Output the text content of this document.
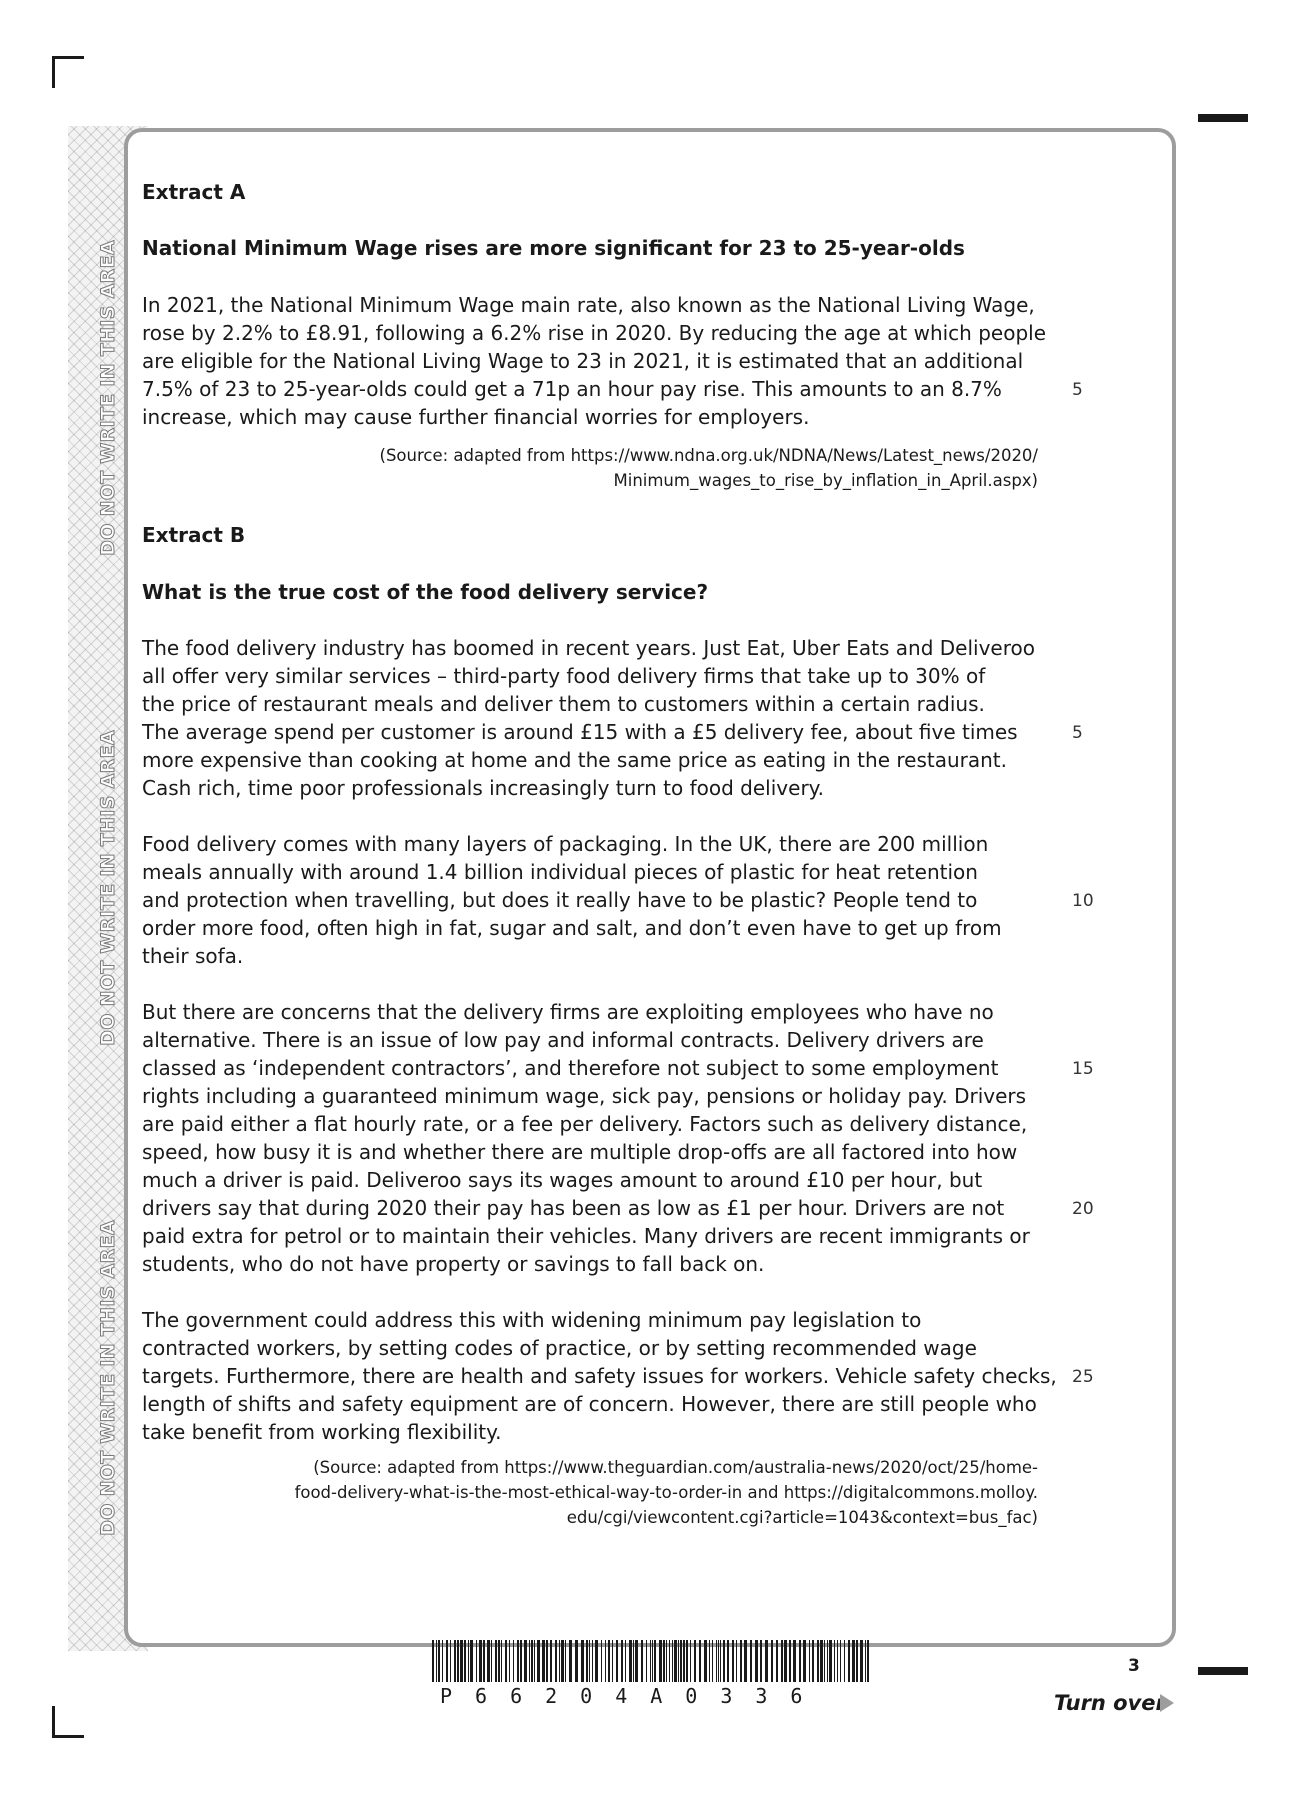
DO NOT WRITE IN THIS AREA
DO NOT WRITE IN THIS AREA
DO NOT WRITE IN THIS AREA

Extract A

National Minimum Wage rises are more significant for 23 to 25-year-olds

In 2021, the National Minimum Wage main rate, also known as the National Living Wage,
rose by 2.2% to £8.91, following a 6.2% rise in 2020. By reducing the age at which people
are eligible for the National Living Wage to 23 in 2021, it is estimated that an additional
7.5% of 23 to 25-year-olds could get a 71p an hour pay rise. This amounts to an 8.7%
increase, which may cause further financial worries for employers.
5
(Source: adapted from https://www.ndna.org.uk/NDNA/News/Latest_news/2020/
Minimum_wages_to_rise_by_inflation_in_April.aspx)

Extract B

What is the true cost of the food delivery service?

The food delivery industry has boomed in recent years. Just Eat, Uber Eats and Deliveroo
all offer very similar services – third-party food delivery firms that take up to 30% of
the price of restaurant meals and deliver them to customers within a certain radius.
The average spend per customer is around £15 with a £5 delivery fee, about five times
more expensive than cooking at home and the same price as eating in the restaurant.
Cash rich, time poor professionals increasingly turn to food delivery.
Food delivery comes with many layers of packaging. In the UK, there are 200 million
meals annually with around 1.4 billion individual pieces of plastic for heat retention
and protection when travelling, but does it really have to be plastic? People tend to
order more food, often high in fat, sugar and salt, and don’t even have to get up from
their sofa.
But there are concerns that the delivery firms are exploiting employees who have no
alternative. There is an issue of low pay and informal contracts. Delivery drivers are
classed as ‘independent contractors’, and therefore not subject to some employment
rights including a guaranteed minimum wage, sick pay, pensions or holiday pay. Drivers
are paid either a flat hourly rate, or a fee per delivery. Factors such as delivery distance,
speed, how busy it is and whether there are multiple drop-offs are all factored into how
much a driver is paid. Deliveroo says its wages amount to around £10 per hour, but
drivers say that during 2020 their pay has been as low as £1 per hour. Drivers are not
paid extra for petrol or to maintain their vehicles. Many drivers are recent immigrants or
students, who do not have property or savings to fall back on.
The government could address this with widening minimum pay legislation to
contracted workers, by setting codes of practice, or by setting recommended wage
targets. Furthermore, there are health and safety issues for workers. Vehicle safety checks,
length of shifts and safety equipment are of concern. However, there are still people who
take benefit from working flexibility.
5
10
15
20
25
(Source: adapted from https://www.theguardian.com/australia-news/2020/oct/25/home-
food-delivery-what-is-the-most-ethical-way-to-order-in and https://digitalcommons.molloy.
edu/cgi/viewcontent.cgi?article=1043&context=bus_fac)
3
P66204A0336	Turn over
